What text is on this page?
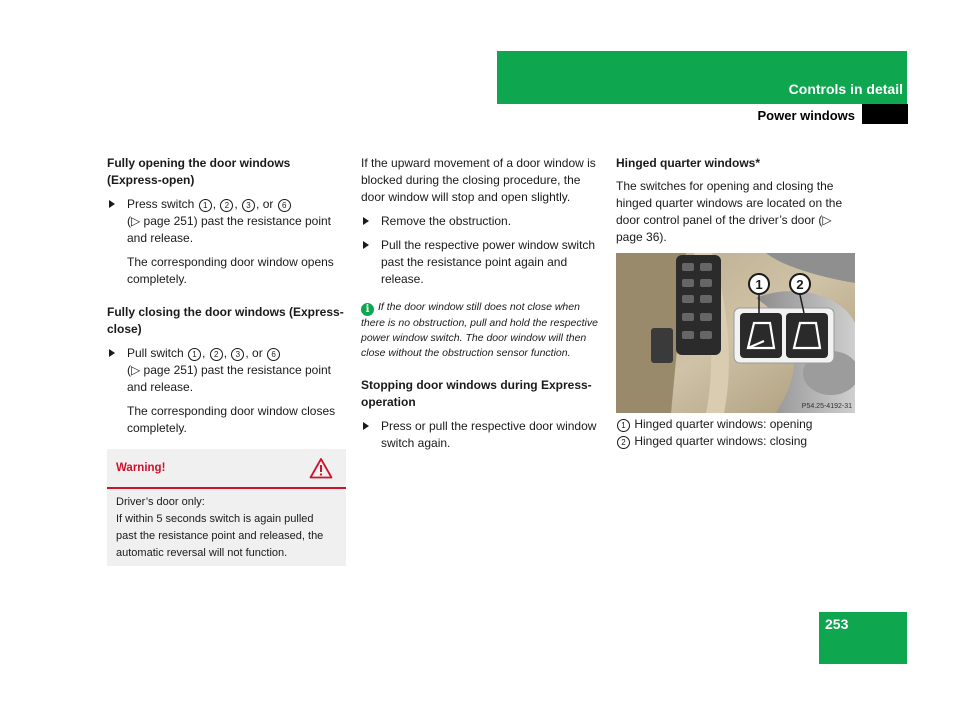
Controls in detail
Power windows

Fully opening the door windows (Express-open)

Press switch 1 , 2 , 3 , or 6
(▷ page 251) past the resistance point and release.

The corresponding door window opens completely.

Fully closing the door windows (Express-close)

Pull switch 1 , 2 , 3 , or 6
(▷ page 251) past the resistance point and release.

The corresponding door window closes completely.

Warning!
Driver’s door only:
If within 5 seconds switch is again pulled past the resistance point and released, the automatic reversal will not function.

If the upward movement of a door window is blocked during the closing procedure, the door window will stop and open slightly.

Remove the obstruction.
Pull the respective power window switch past the resistance point again and release.

i If the door window still does not close when there is no obstruction, pull and hold the respective power window switch. The door window will then close without the obstruction sensor function.

Stopping door windows during Express-operation

Press or pull the respective door window switch again.

Hinged quarter windows*

The switches for opening and closing the hinged quarter windows are located on the door control panel of the driver’s door (▷ page 36).

1	2
P54.25-4192-31
1 Hinged quarter windows: opening
2 Hinged quarter windows: closing
253
